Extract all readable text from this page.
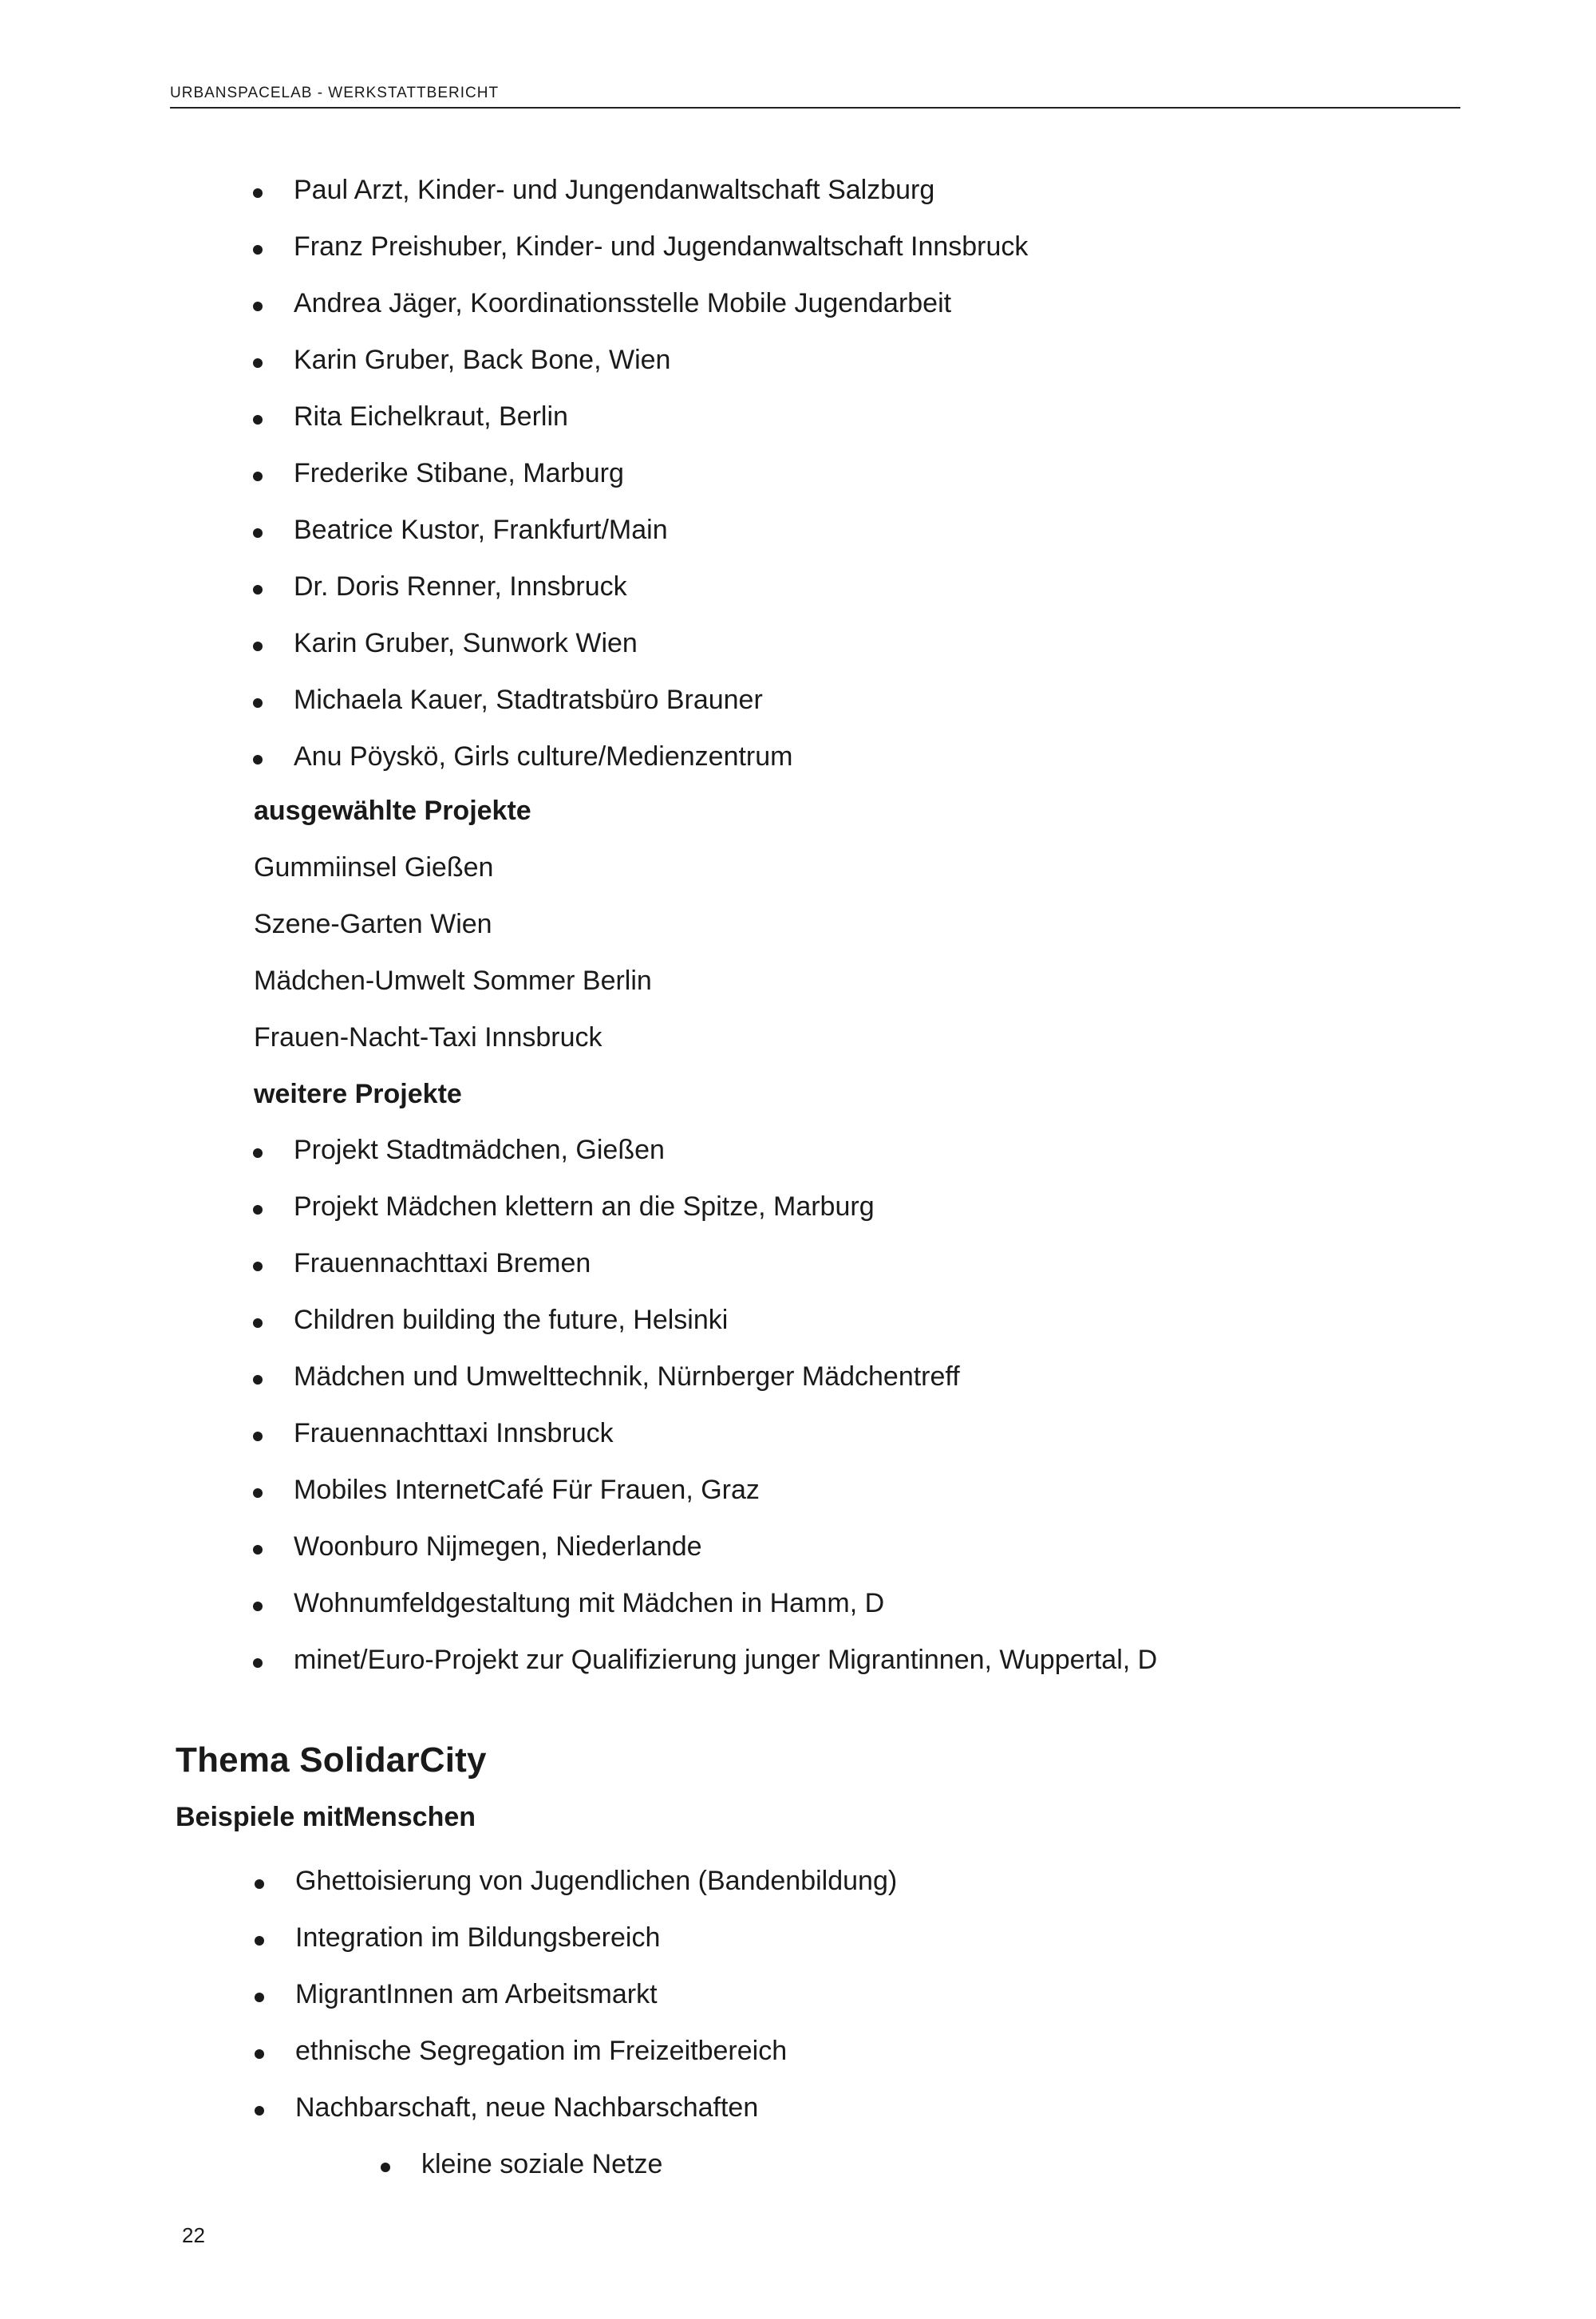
URBANSPACELAB - WERKSTATTBERICHT
Paul Arzt, Kinder- und Jungendanwaltschaft Salzburg
Franz Preishuber, Kinder- und Jugendanwaltschaft Innsbruck
Andrea Jäger, Koordinationsstelle Mobile Jugendarbeit
Karin Gruber, Back Bone, Wien
Rita Eichelkraut, Berlin
Frederike Stibane, Marburg
Beatrice Kustor, Frankfurt/Main
Dr. Doris Renner, Innsbruck
Karin Gruber, Sunwork Wien
Michaela Kauer, Stadtratsbüro Brauner
Anu Pöyskö, Girls culture/Medienzentrum
ausgewählte Projekte
Gummiinsel Gießen
Szene-Garten Wien
Mädchen-Umwelt Sommer Berlin
Frauen-Nacht-Taxi Innsbruck
weitere Projekte
Projekt Stadtmädchen, Gießen
Projekt Mädchen klettern an die Spitze, Marburg
Frauennachttaxi Bremen
Children building the future, Helsinki
Mädchen und Umwelttechnik, Nürnberger Mädchentreff
Frauennachttaxi Innsbruck
Mobiles InternetCafé Für Frauen, Graz
Woonburo Nijmegen, Niederlande
Wohnumfeldgestaltung mit Mädchen in Hamm, D
minet/Euro-Projekt zur Qualifizierung junger Migrantinnen, Wuppertal, D
Thema SolidarCity
Beispiele mitMenschen
Ghettoisierung von Jugendlichen (Bandenbildung)
Integration im Bildungsbereich
MigrantInnen am Arbeitsmarkt
ethnische Segregation im Freizeitbereich
Nachbarschaft, neue Nachbarschaften
kleine soziale Netze
22
